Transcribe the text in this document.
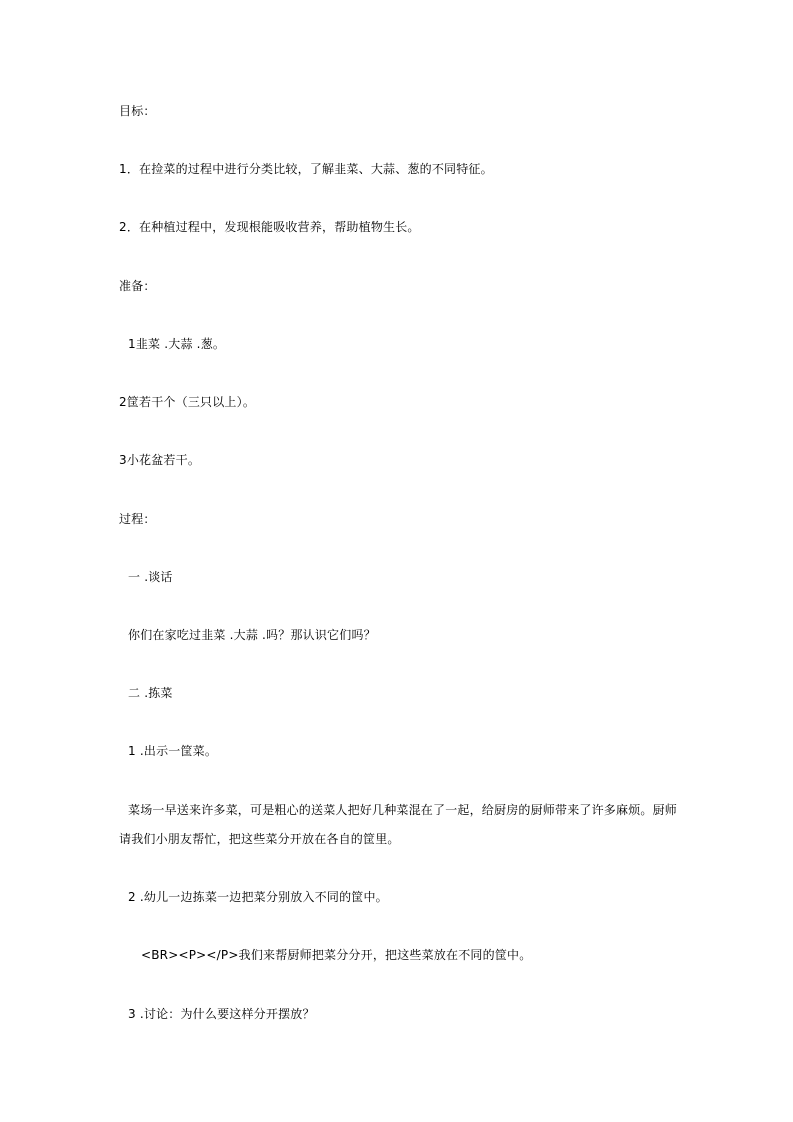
目标：
1．在捡菜的过程中进行分类比较，了解韭菜、大蒜、葱的不同特征。
2．在种植过程中，发现根能吸收营养，帮助植物生长。
准备：
1韭菜 .大蒜 .葱。
2筐若干个（三只以上）。
3小花盆若干。
过程：
一 .谈话
你们在家吃过韭菜 .大蒜 .吗？那认识它们吗？
二 .拣菜
1 .出示一筐菜。
菜场一早送来许多菜，可是粗心的送菜人把好几种菜混在了一起，给厨房的厨师带来了许多麻烦。厨师
请我们小朋友帮忙，把这些菜分开放在各自的筐里。
2 .幼儿一边拣菜一边把菜分别放入不同的筐中。
<BR><P></P>我们来帮厨师把菜分分开，把这些菜放在不同的筐中。
3 .讨论：为什么要这样分开摆放？
